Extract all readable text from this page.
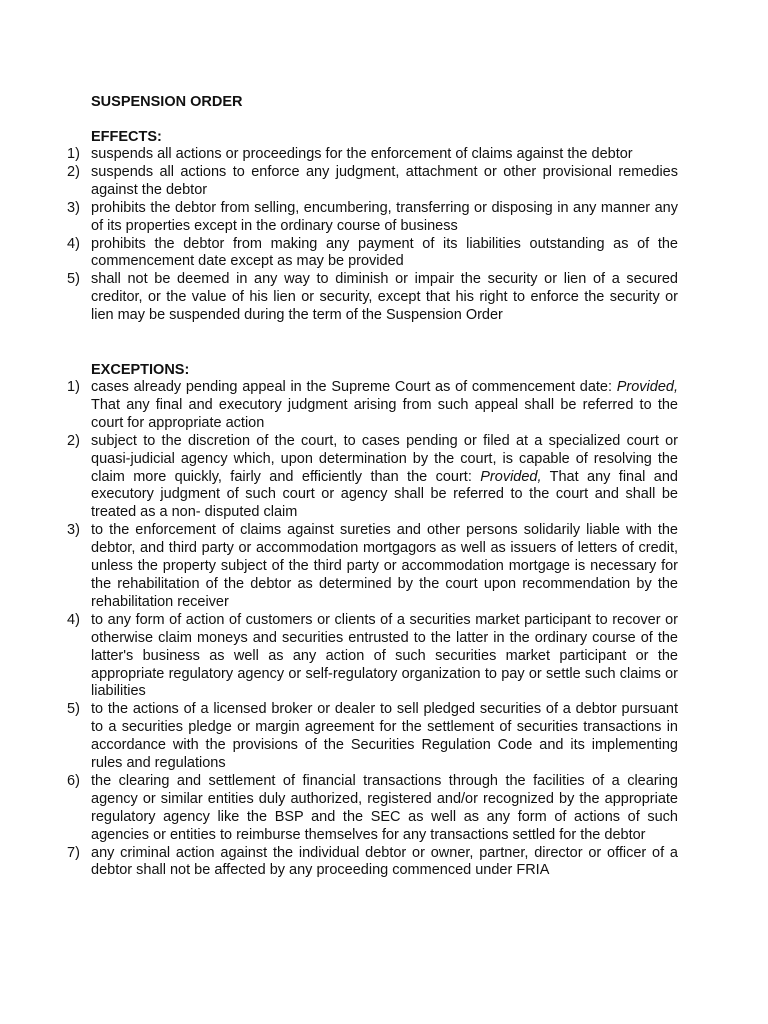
SUSPENSION ORDER
EFFECTS:
1) suspends all actions or proceedings for the enforcement of claims against the debtor
2) suspends all actions to enforce any judgment, attachment or other provisional remedies against the debtor
3) prohibits the debtor from selling, encumbering, transferring or disposing in any manner any of its properties except in the ordinary course of business
4) prohibits the debtor from making any payment of its liabilities outstanding as of the commencement date except as may be provided
5) shall not be deemed in any way to diminish or impair the security or lien of a secured creditor, or the value of his lien or security, except that his right to enforce the security or lien may be suspended during the term of the Suspension Order
EXCEPTIONS:
1) cases already pending appeal in the Supreme Court as of commencement date: Provided, That any final and executory judgment arising from such appeal shall be referred to the court for appropriate action
2) subject to the discretion of the court, to cases pending or filed at a specialized court or quasi-judicial agency which, upon determination by the court, is capable of resolving the claim more quickly, fairly and efficiently than the court: Provided, That any final and executory judgment of such court or agency shall be referred to the court and shall be treated as a non- disputed claim
3) to the enforcement of claims against sureties and other persons solidarily liable with the debtor, and third party or accommodation mortgagors as well as issuers of letters of credit, unless the property subject of the third party or accommodation mortgage is necessary for the rehabilitation of the debtor as determined by the court upon recommendation by the rehabilitation receiver
4) to any form of action of customers or clients of a securities market participant to recover or otherwise claim moneys and securities entrusted to the latter in the ordinary course of the latter's business as well as any action of such securities market participant or the appropriate regulatory agency or self-regulatory organization to pay or settle such claims or liabilities
5) to the actions of a licensed broker or dealer to sell pledged securities of a debtor pursuant to a securities pledge or margin agreement for the settlement of securities transactions in accordance with the provisions of the Securities Regulation Code and its implementing rules and regulations
6) the clearing and settlement of financial transactions through the facilities of a clearing agency or similar entities duly authorized, registered and/or recognized by the appropriate regulatory agency like the BSP and the SEC as well as any form of actions of such agencies or entities to reimburse themselves for any transactions settled for the debtor
7) any criminal action against the individual debtor or owner, partner, director or officer of a debtor shall not be affected by any proceeding commenced under FRIA
